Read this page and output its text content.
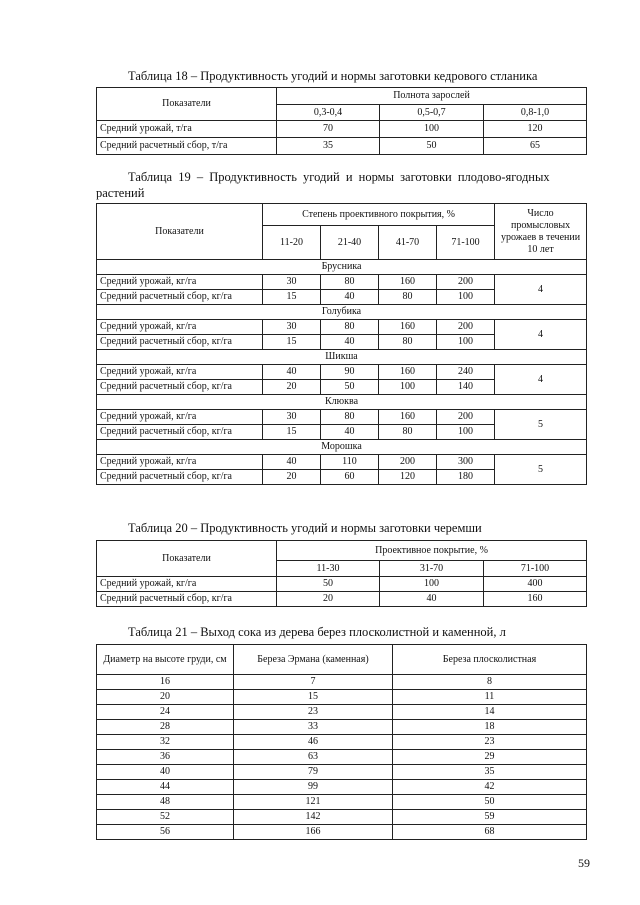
Таблица 18 – Продуктивность угодий и нормы заготовки кедрового стланика
Показатели	Полнота зарослей		
	0,3-0,4	0,5-0,7	0,8-1,0
Средний урожай, т/га	70	100	120
Средний расчетный сбор, т/га	35	50	65
Таблица 19 – Продуктивность угодий и нормы заготовки плодово-ягодных
растений
Показатели	Степень проективного покрытия, %				Число промысловых урожаев в течении 10 лет
	11-20	21-40	41-70	71-100	
Брусника					
Средний урожай, кг/га	30	80	160	200	4
Средний расчетный сбор, кг/га	15	40	80	100	
Голубика					
Средний урожай, кг/га	30	80	160	200	4
Средний расчетный сбор, кг/га	15	40	80	100	
Шикша					
Средний урожай, кг/га	40	90	160	240	4
Средний расчетный сбор, кг/га	20	50	100	140	
Клюква					
Средний урожай, кг/га	30	80	160	200	5
Средний расчетный сбор, кг/га	15	40	80	100	
Морошка					
Средний урожай, кг/га	40	110	200	300	5
Средний расчетный сбор, кг/га	20	60	120	180	
Таблица 20 – Продуктивность угодий и нормы заготовки черемши
Показатели	Проективное покрытие, %		
	11-30	31-70	71-100
Средний урожай, кг/га	50	100	400
Средний расчетный сбор, кг/га	20	40	160
Таблица 21 – Выход сока из дерева берез плосколистной и каменной, л
Диаметр на высоте груди, см	Береза Эрмана (каменная)	Береза плосколистная
16	7	8
20	15	11
24	23	14
28	33	18
32	46	23
36	63	29
40	79	35
44	99	42
48	121	50
52	142	59
56	166	68
59
